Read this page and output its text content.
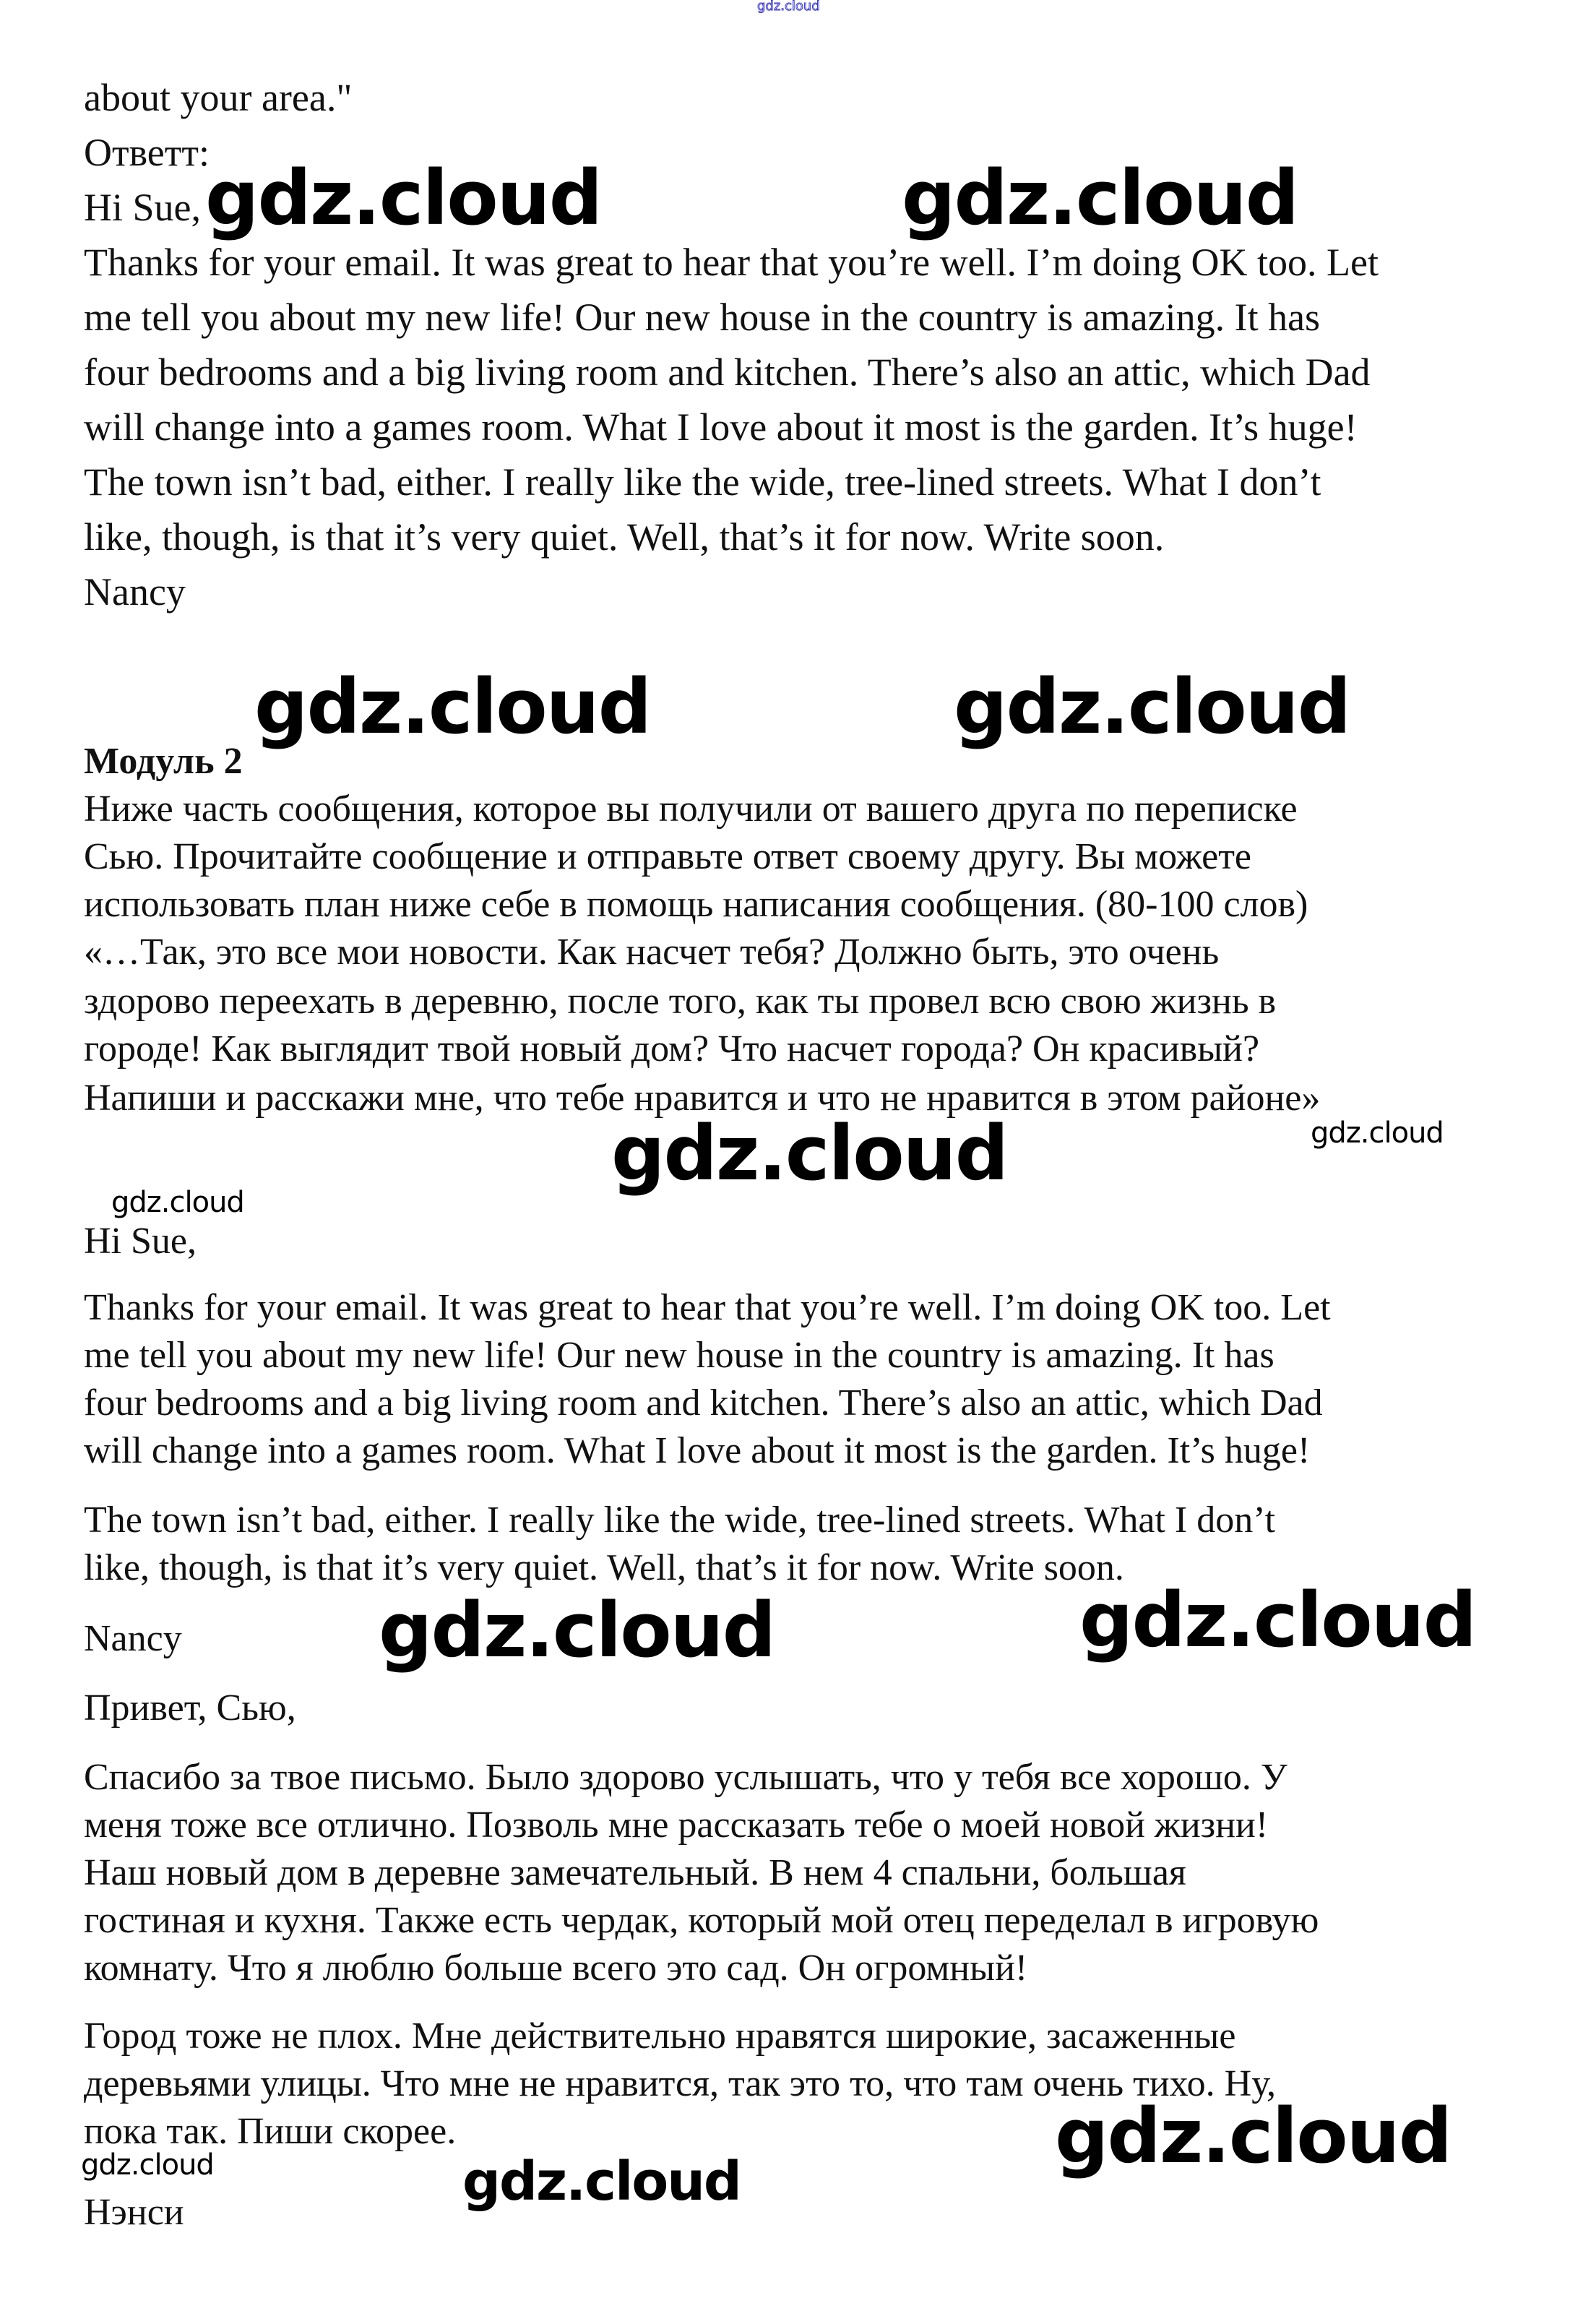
gdz.cloud
about your area."
Ответт:
Hi Sue,
Thanks for your email. It was great to hear that you’re well. I’m doing OK too. Let
me tell you about my new life! Our new house in the country is amazing. It has
four bedrooms and a big living room and kitchen. There’s also an attic, which Dad
will change into a games room. What I love about it most is the garden. It’s huge!
The town isn’t bad, either. I really like the wide, tree-lined streets. What I don’t
like, though, is that it’s very quiet. Well, that’s it for now. Write soon.
Nancy
Модуль 2
Ниже часть сообщения, которое вы получили от вашего друга по переписке
Сью. Прочитайте сообщение и отправьте ответ своему другу. Вы можете
использовать план ниже себе в помощь написания сообщения. (80-100 слов)
«…Так, это все мои новости. Как насчет тебя? Должно быть, это очень
здорово переехать в деревню, после того, как ты провел всю свою жизнь в
городе! Как выглядит твой новый дом? Что насчет города? Он красивый?
Напиши и расскажи мне, что тебе нравится и что не нравится в этом районе»
Hi Sue,
Thanks for your email. It was great to hear that you’re well. I’m doing OK too. Let
me tell you about my new life! Our new house in the country is amazing. It has
four bedrooms and a big living room and kitchen. There’s also an attic, which Dad
will change into a games room. What I love about it most is the garden. It’s huge!
The town isn’t bad, either. I really like the wide, tree-lined streets. What I don’t
like, though, is that it’s very quiet. Well, that’s it for now. Write soon.
Nancy
Привет, Сью,
Спасибо за твое письмо. Было здорово услышать, что у тебя все хорошо. У
меня тоже все отлично. Позволь мне рассказать тебе о моей новой жизни!
Наш новый дом в деревне замечательный. В нем 4 спальни, большая
гостиная и кухня. Также есть чердак, который мой отец переделал в игровую
комнату. Что я люблю больше всего это сад. Он огромный!
Город тоже не плох. Мне действительно нравятся широкие, засаженные
деревьями улицы. Что мне не нравится, так это то, что там очень тихо. Ну,
пока так. Пиши скорее.
Нэнси
gdz.cloud	gdz.cloud
gdz.cloud	gdz.cloud
gdz.cloud	gdz.cloud
gdz.cloud
gdz.cloud	gdz.cloud
gdz.cloud
gdz.cloud	gdz.cloud
